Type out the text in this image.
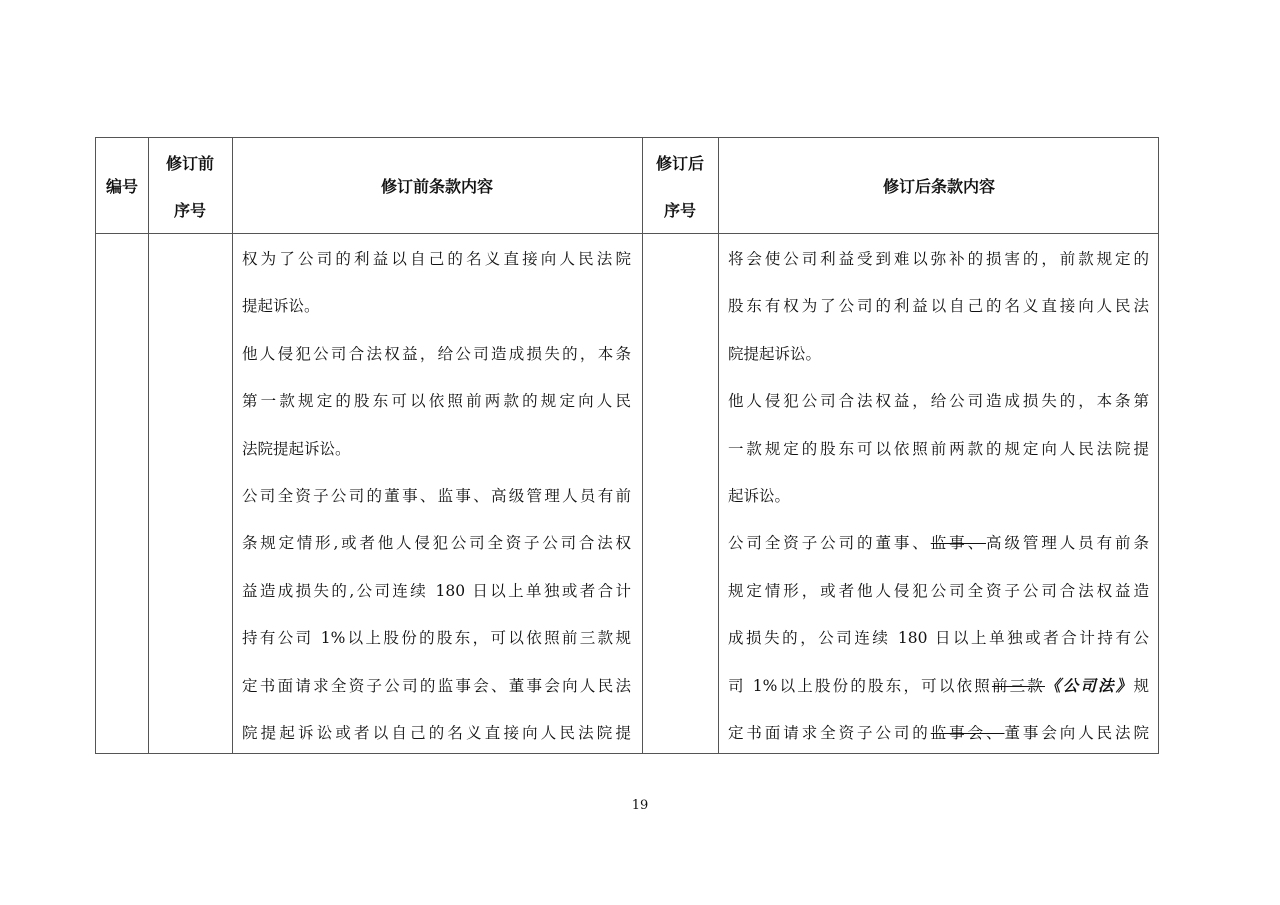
编号
修订前
序号
修订前条款内容
修订后
序号
修订后条款内容
权为了公司的利益以自己的名义直接向人民法院
提起诉讼。
他人侵犯公司合法权益，给公司造成损失的，本条
第一款规定的股东可以依照前两款的规定向人民
法院提起诉讼。
公司全资子公司的董事、监事、高级管理人员有前
条规定情形,或者他人侵犯公司全资子公司合法权
益造成损失的,公司连续 180 日以上单独或者合计
持有公司 1%以上股份的股东，可以依照前三款规
定书面请求全资子公司的监事会、董事会向人民法
院提起诉讼或者以自己的名义直接向人民法院提
将会使公司利益受到难以弥补的损害的，前款规定的
股东有权为了公司的利益以自己的名义直接向人民法
院提起诉讼。
他人侵犯公司合法权益，给公司造成损失的，本条第
一款规定的股东可以依照前两款的规定向人民法院提
起诉讼。
公司全资子公司的董事、监事、高级管理人员有前条
规定情形，或者他人侵犯公司全资子公司合法权益造
成损失的，公司连续 180 日以上单独或者合计持有公
司 1%以上股份的股东，可以依照前三款《公司法》规
定书面请求全资子公司的监事会、董事会向人民法院
19
